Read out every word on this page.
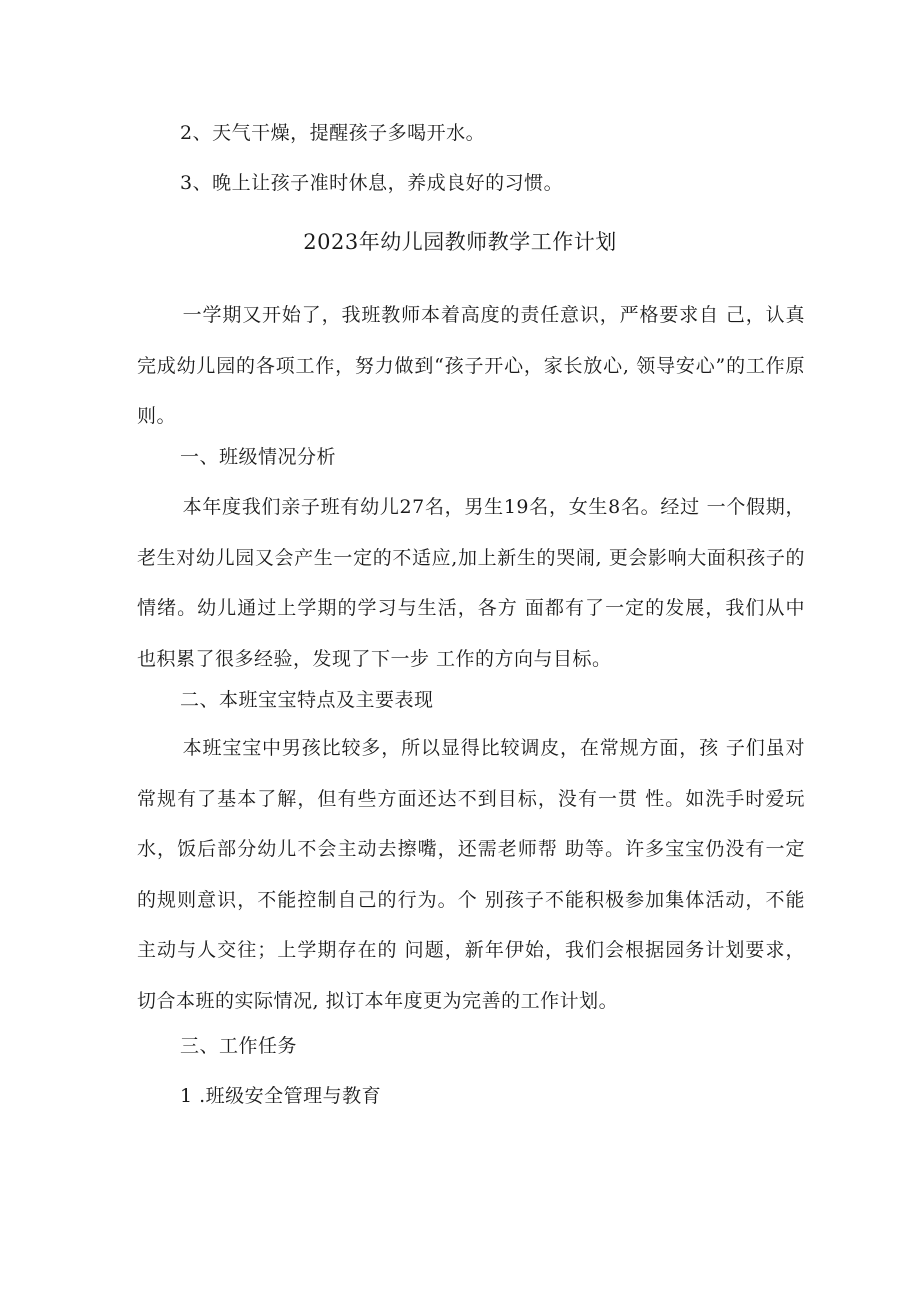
2、天气干燥，提醒孩子多喝开水。
3、晚上让孩子准时休息，养成良好的习惯。
2023年幼儿园教师教学工作计划
一学期又开始了，我班教师本着高度的责任意识，严格要求自 己，认真完成幼儿园的各项工作，努力做到“孩子开心，家长放心, 领导安心”的工作原则。
一、班级情况分析
本年度我们亲子班有幼儿27名，男生19名，女生8名。经过 一个假期，老生对幼儿园又会产生一定的不适应,加上新生的哭闹, 更会影响大面积孩子的情绪。幼儿通过上学期的学习与生活，各方 面都有了一定的发展，我们从中也积累了很多经验，发现了下一步 工作的方向与目标。
二、本班宝宝特点及主要表现
本班宝宝中男孩比较多，所以显得比较调皮，在常规方面，孩 子们虽对常规有了基本了解，但有些方面还达不到目标，没有一贯 性。如洗手时爱玩水，饭后部分幼儿不会主动去擦嘴，还需老师帮 助等。许多宝宝仍没有一定的规则意识，不能控制自己的行为。个 别孩子不能积极参加集体活动，不能主动与人交往；上学期存在的 问题，新年伊始，我们会根据园务计划要求，切合本班的实际情况, 拟订本年度更为完善的工作计划。
三、工作任务
1 .班级安全管理与教育
